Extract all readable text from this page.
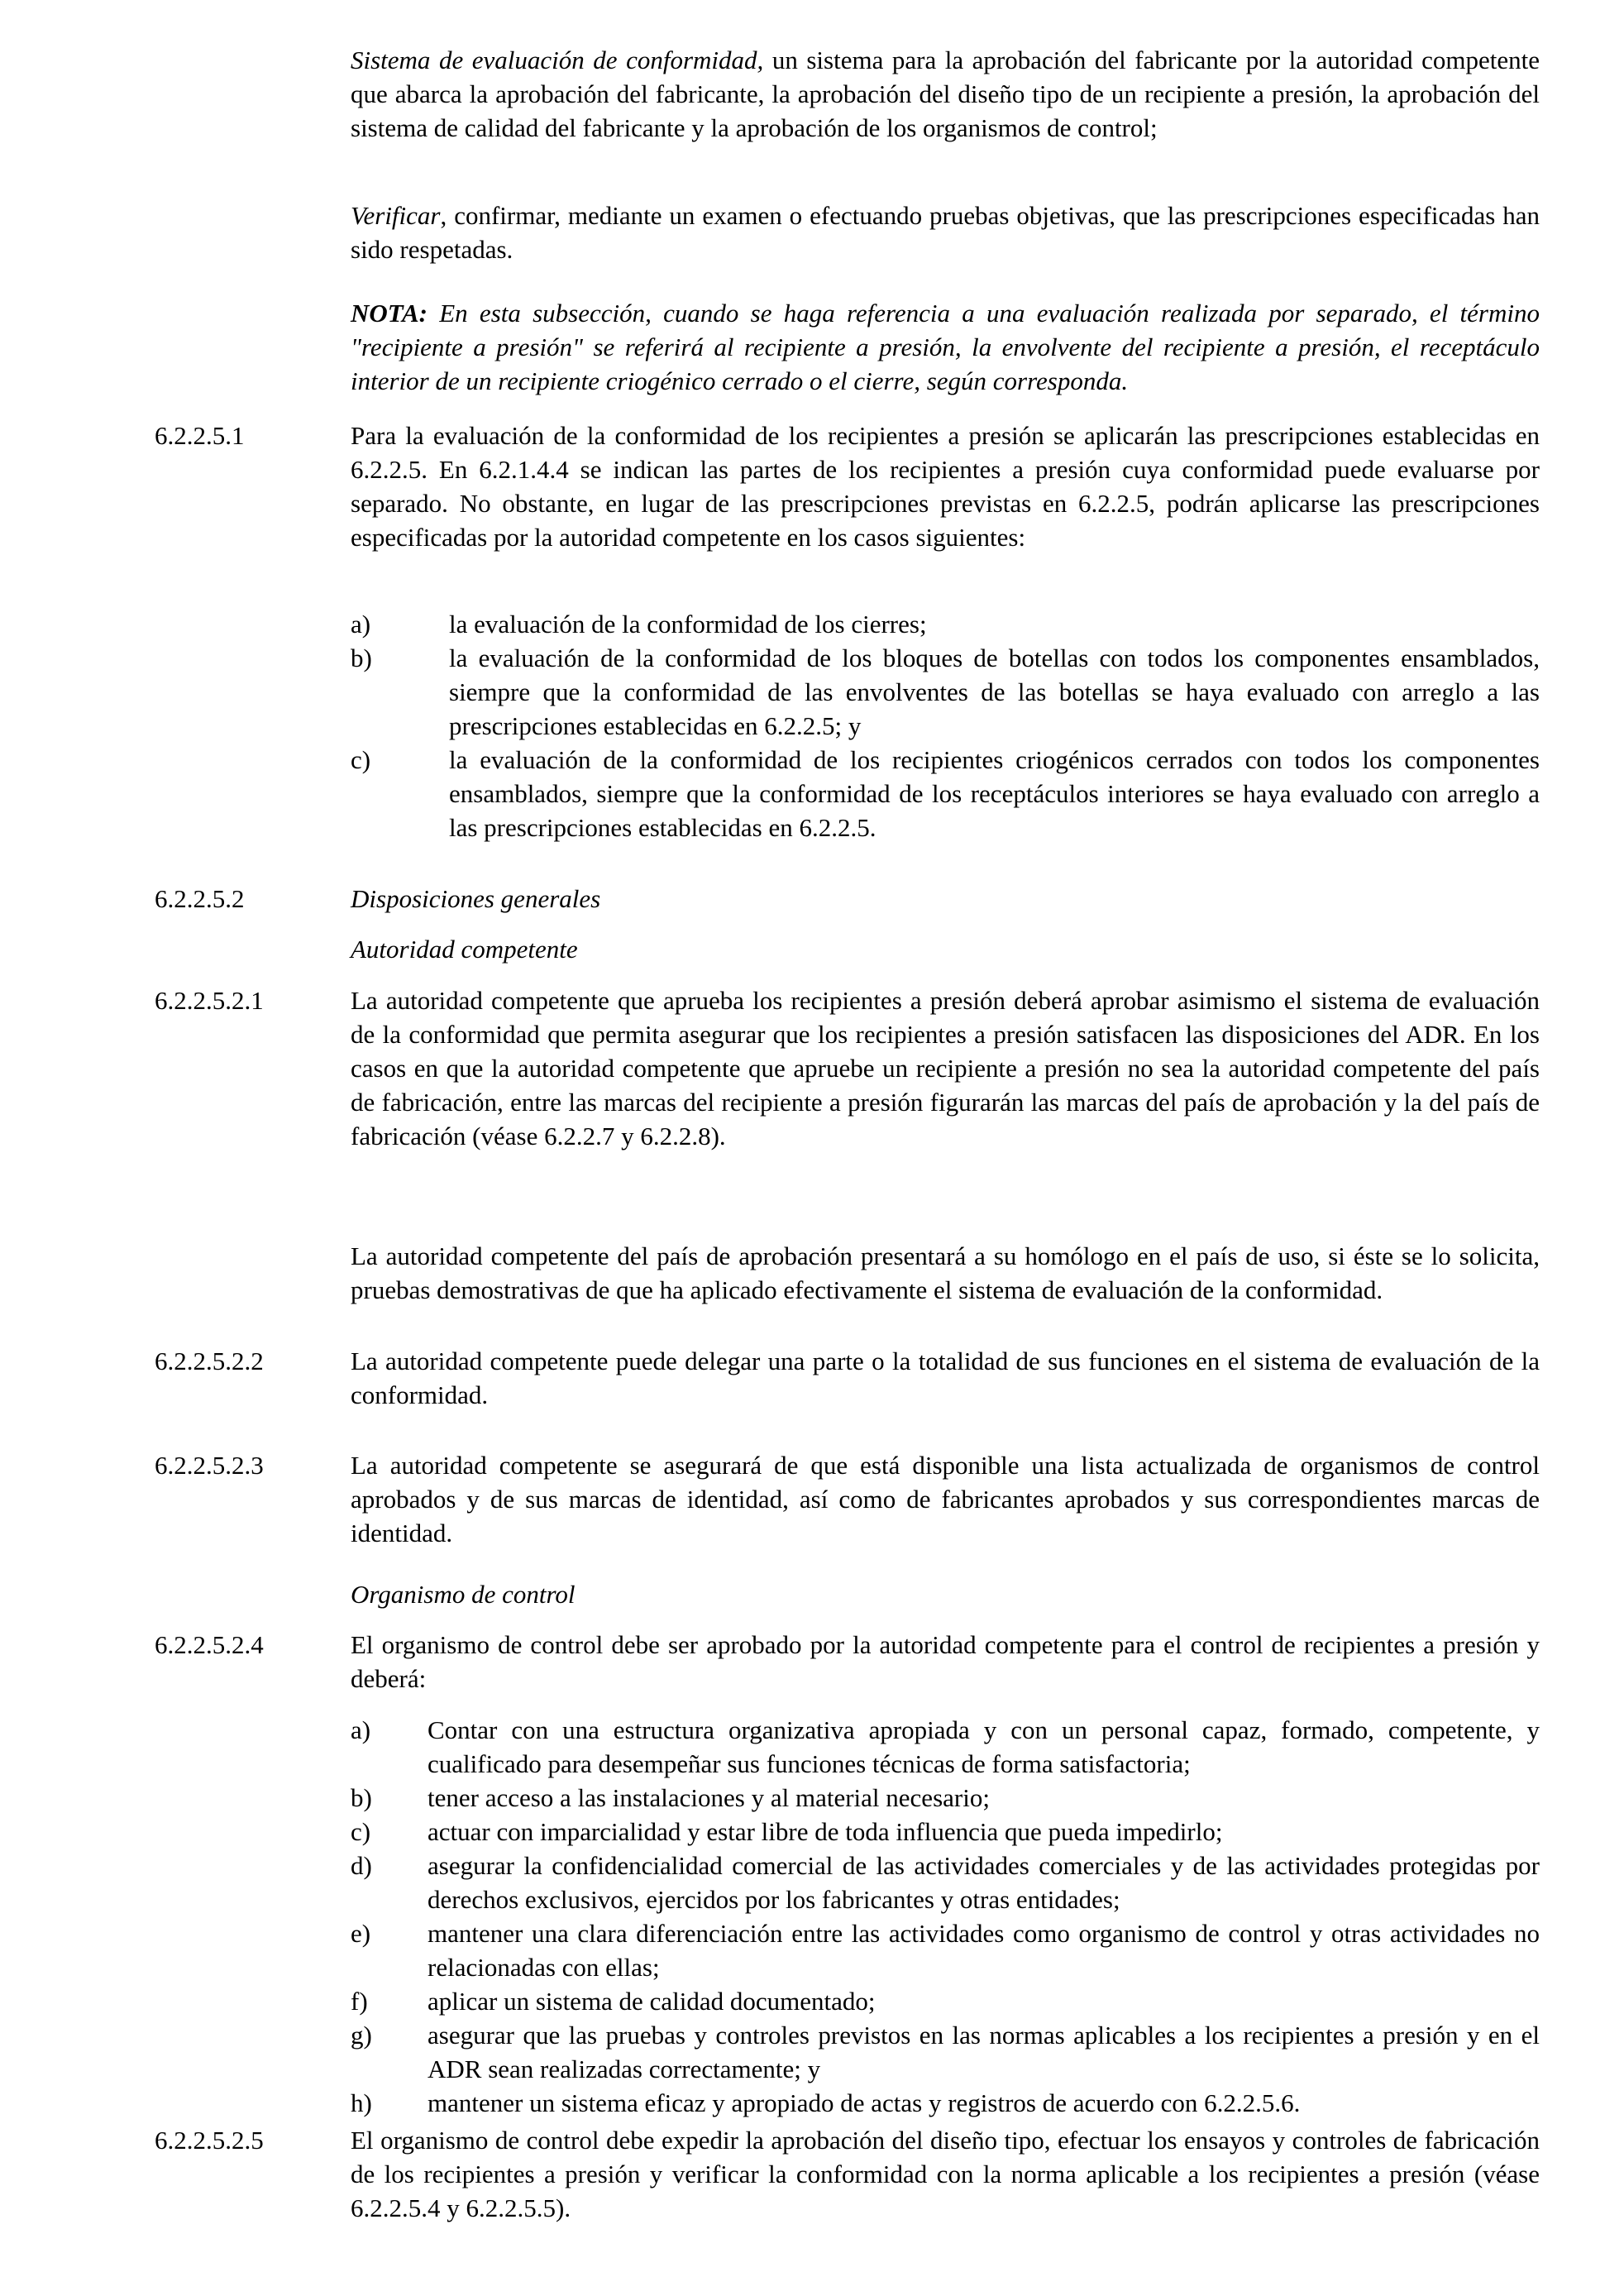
Sistema de evaluación de conformidad, un sistema para la aprobación del fabricante por la autoridad competente que abarca la aprobación del fabricante, la aprobación del diseño tipo de un recipiente a presión, la aprobación del sistema de calidad del fabricante y la aprobación de los organismos de control;
Verificar, confirmar, mediante un examen o efectuando pruebas objetivas, que las prescripciones especificadas han sido respetadas.
NOTA: En esta subsección, cuando se haga referencia a una evaluación realizada por separado, el término "recipiente a presión" se referirá al recipiente a presión, la envolvente del recipiente a presión, el receptáculo interior de un recipiente criogénico cerrado o el cierre, según corresponda.
6.2.2.5.1	Para la evaluación de la conformidad de los recipientes a presión se aplicarán las prescripciones establecidas en 6.2.2.5. En 6.2.1.4.4 se indican las partes de los recipientes a presión cuya conformidad puede evaluarse por separado. No obstante, en lugar de las prescripciones previstas en 6.2.2.5, podrán aplicarse las prescripciones especificadas por la autoridad competente en los casos siguientes:
a)	la evaluación de la conformidad de los cierres;
b)	la evaluación de la conformidad de los bloques de botellas con todos los componentes ensamblados, siempre que la conformidad de las envolventes de las botellas se haya evaluado con arreglo a las prescripciones establecidas en 6.2.2.5; y
c)	la evaluación de la conformidad de los recipientes criogénicos cerrados con todos los componentes ensamblados, siempre que la conformidad de los receptáculos interiores se haya evaluado con arreglo a las prescripciones establecidas en 6.2.2.5.
6.2.2.5.2	Disposiciones generales
Autoridad competente
6.2.2.5.2.1	La autoridad competente que aprueba los recipientes a presión deberá aprobar asimismo el sistema de evaluación de la conformidad que permita asegurar que los recipientes a presión satisfacen las disposiciones del ADR. En los casos en que la autoridad competente que apruebe un recipiente a presión no sea la autoridad competente del país de fabricación, entre las marcas del recipiente a presión figurarán las marcas del país de aprobación y la del país de fabricación (véase 6.2.2.7 y 6.2.2.8).
La autoridad competente del país de aprobación presentará a su homólogo en el país de uso, si éste se lo solicita, pruebas demostrativas de que ha aplicado efectivamente el sistema de evaluación de la conformidad.
6.2.2.5.2.2	La autoridad competente puede delegar una parte o la totalidad de sus funciones en el sistema de evaluación de la conformidad.
6.2.2.5.2.3	La autoridad competente se asegurará de que está disponible una lista actualizada de organismos de control aprobados y de sus marcas de identidad, así como de fabricantes aprobados y sus correspondientes marcas de identidad.
Organismo de control
6.2.2.5.2.4	El organismo de control debe ser aprobado por la autoridad competente para el control de recipientes a presión y deberá:
a)	Contar con una estructura organizativa apropiada y con un personal capaz, formado, competente, y cualificado para desempeñar sus funciones técnicas de forma satisfactoria;
b)	tener acceso a las instalaciones y al material necesario;
c)	actuar con imparcialidad y estar libre de toda influencia que pueda impedirlo;
d)	asegurar la confidencialidad comercial de las actividades comerciales y de las actividades protegidas por derechos exclusivos, ejercidos por los fabricantes y otras entidades;
e)	mantener una clara diferenciación entre las actividades como organismo de control y otras actividades no relacionadas con ellas;
f)	aplicar un sistema de calidad documentado;
g)	asegurar que las pruebas y controles previstos en las normas aplicables a los recipientes a presión y en el ADR sean realizadas correctamente; y
h)	mantener un sistema eficaz y apropiado de actas y registros de acuerdo con 6.2.2.5.6.
6.2.2.5.2.5	El organismo de control debe expedir la aprobación del diseño tipo, efectuar los ensayos y controles de fabricación de los recipientes a presión y verificar la conformidad con la norma aplicable a los recipientes a presión (véase 6.2.2.5.4 y 6.2.2.5.5).
